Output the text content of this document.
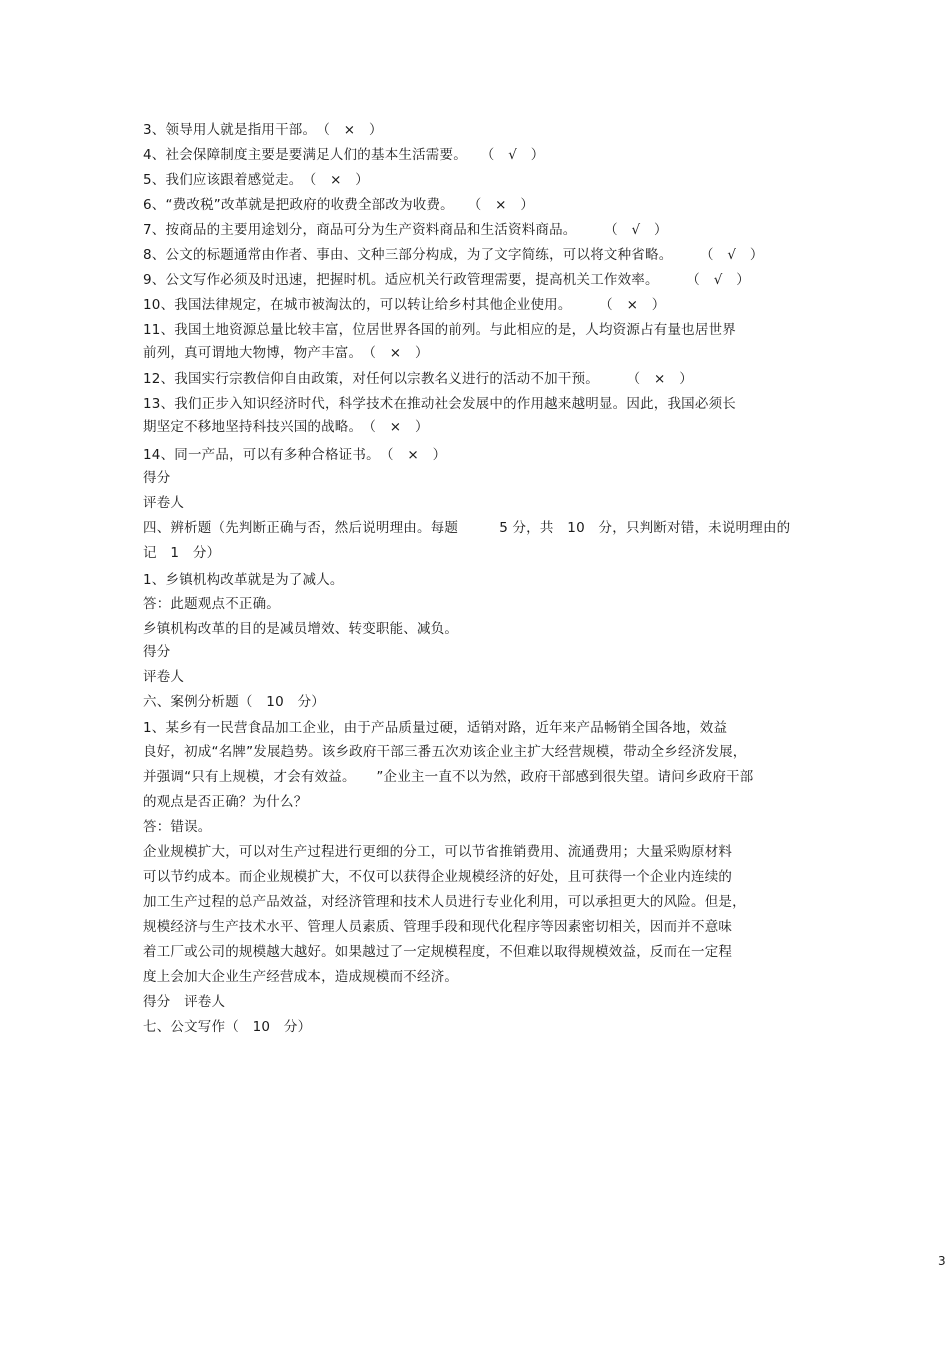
3、领导用人就是指用干部。　（　×　）
4、社会保障制度主要是要满足人们的基本生活需要。　　（　√　）
5、我们应该跟着感觉走。　（　×　）
6、“费改税”改革就是把政府的收费全部改为收费。　　（　×　）
7、按商品的主要用途划分，商品可分为生产资料商品和生活资料商品。　　　（　√　）
8、公文的标题通常由作者、事由、文种三部分构成，为了文字简练，可以将文种省略。　　　（　√　）
9、公文写作必须及时迅速，把握时机。适应机关行政管理需要，提高机关工作效率。　　　（　√　）
10、我国法律规定，在城市被淘汰的，可以转让给乡村其他企业使用。　　　（　×　）
11、我国土地资源总量比较丰富，位居世界各国的前列。与此相应的是，人均资源占有量也居世界
前列，真可谓地大物博，物产丰富。　（　×　）
12、我国实行宗教信仰自由政策，对任何以宗教名义进行的活动不加干预。　　　（　×　）
13、我们正步入知识经济时代，科学技术在推动社会发展中的作用越来越明显。因此，我国必须长
期坚定不移地坚持科技兴国的战略。　（　×　）
14、同一产品，可以有多种合格证书。　（　×　）
得分
评卷人
四、辨析题（先判断正确与否，然后说明理由。每题　　　5 分，共　10　分，只判断对错，未说明理由的
记　1　分）
1、乡镇机构改革就是为了减人。
答：此题观点不正确。
乡镇机构改革的目的是减员增效、转变职能、减负。
得分
评卷人
六、案例分析题（　10　分）
1、某乡有一民营食品加工企业，由于产品质量过硬，适销对路，近年来产品畅销全国各地，效益
良好，初成“名牌”发展趋势。该乡政府干部三番五次劝该企业主扩大经营规模，带动全乡经济发展，
并强调“只有上规模，才会有效益。　　”企业主一直不以为然，政府干部感到很失望。请问乡政府干部
的观点是否正确？为什么？
答：错误。
企业规模扩大，可以对生产过程进行更细的分工，可以节省推销费用、流通费用；大量采购原材料
可以节约成本。而企业规模扩大，不仅可以获得企业规模经济的好处，且可获得一个企业内连续的
加工生产过程的总产品效益，对经济管理和技术人员进行专业化利用，可以承担更大的风险。但是，
规模经济与生产技术水平、管理人员素质、管理手段和现代化程序等因素密切相关，因而并不意味
着工厂或公司的规模越大越好。如果越过了一定规模程度，不但难以取得规模效益，反而在一定程
度上会加大企业生产经营成本，造成规模而不经济。
得分　评卷人
七、公文写作（　10　分）
3
